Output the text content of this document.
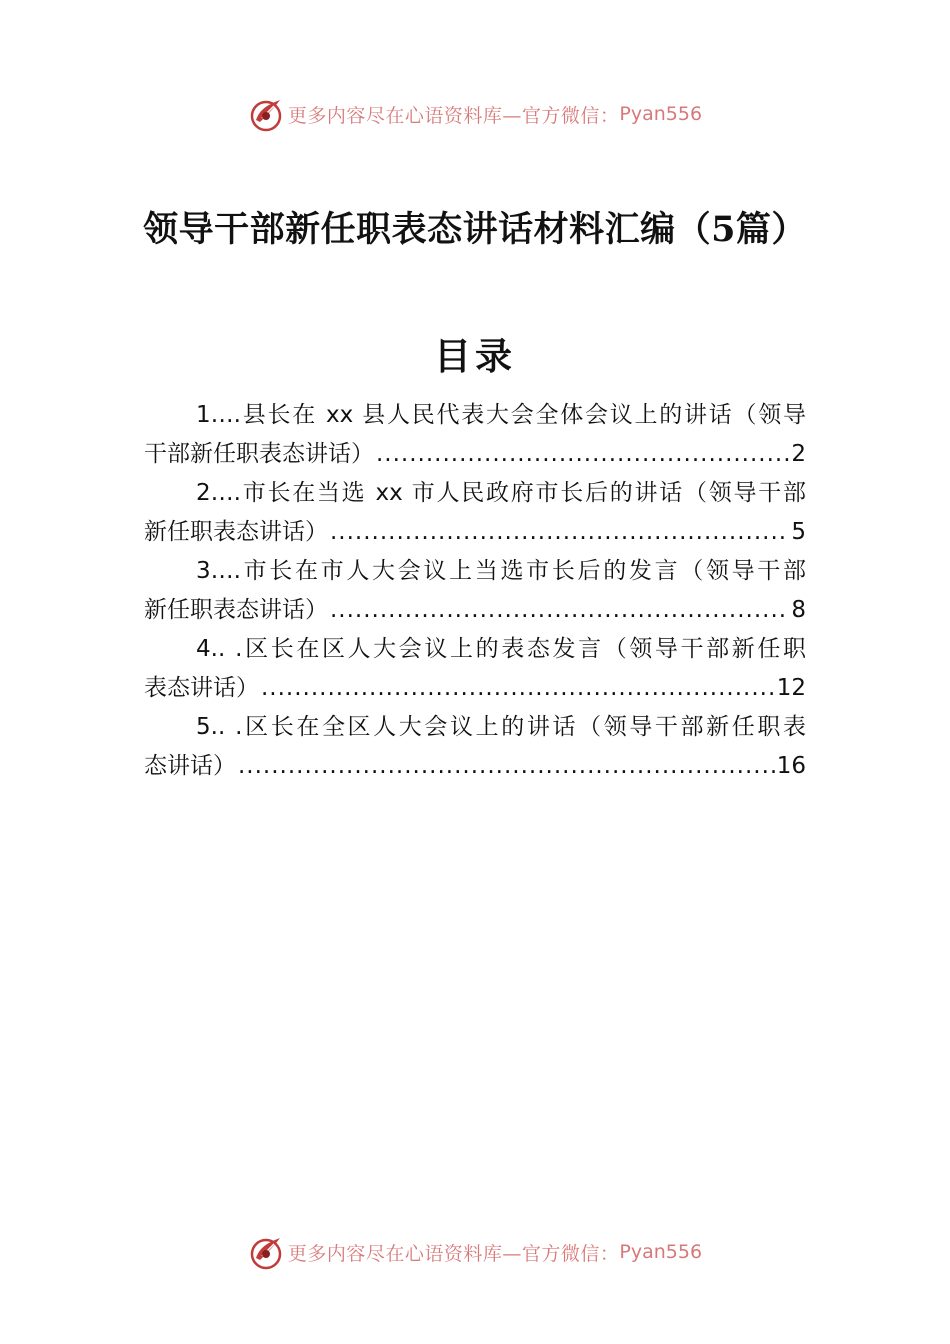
更多内容尽在心语资料库—官方微信： Pyan556
领导干部新任职表态讲话材料汇编（5篇）
目录
1….县长在 xx 县人民代表大会全体会议上的讲话（领导
干部新任职表态讲话） .....	2
2….市长在当选 xx 市人民政府市长后的讲话（领导干部
新任职表态讲话） .....	5
3….市长在市人大会议上当选市长后的发言（领导干部
新任职表态讲话） .....	8
4.. .区长在区人大会议上的表态发言（领导干部新任职
表态讲话） .....	12
5.. .区长在全区人大会议上的讲话（领导干部新任职表
态讲话） .....	16
更多内容尽在心语资料库—官方微信： Pyan556
